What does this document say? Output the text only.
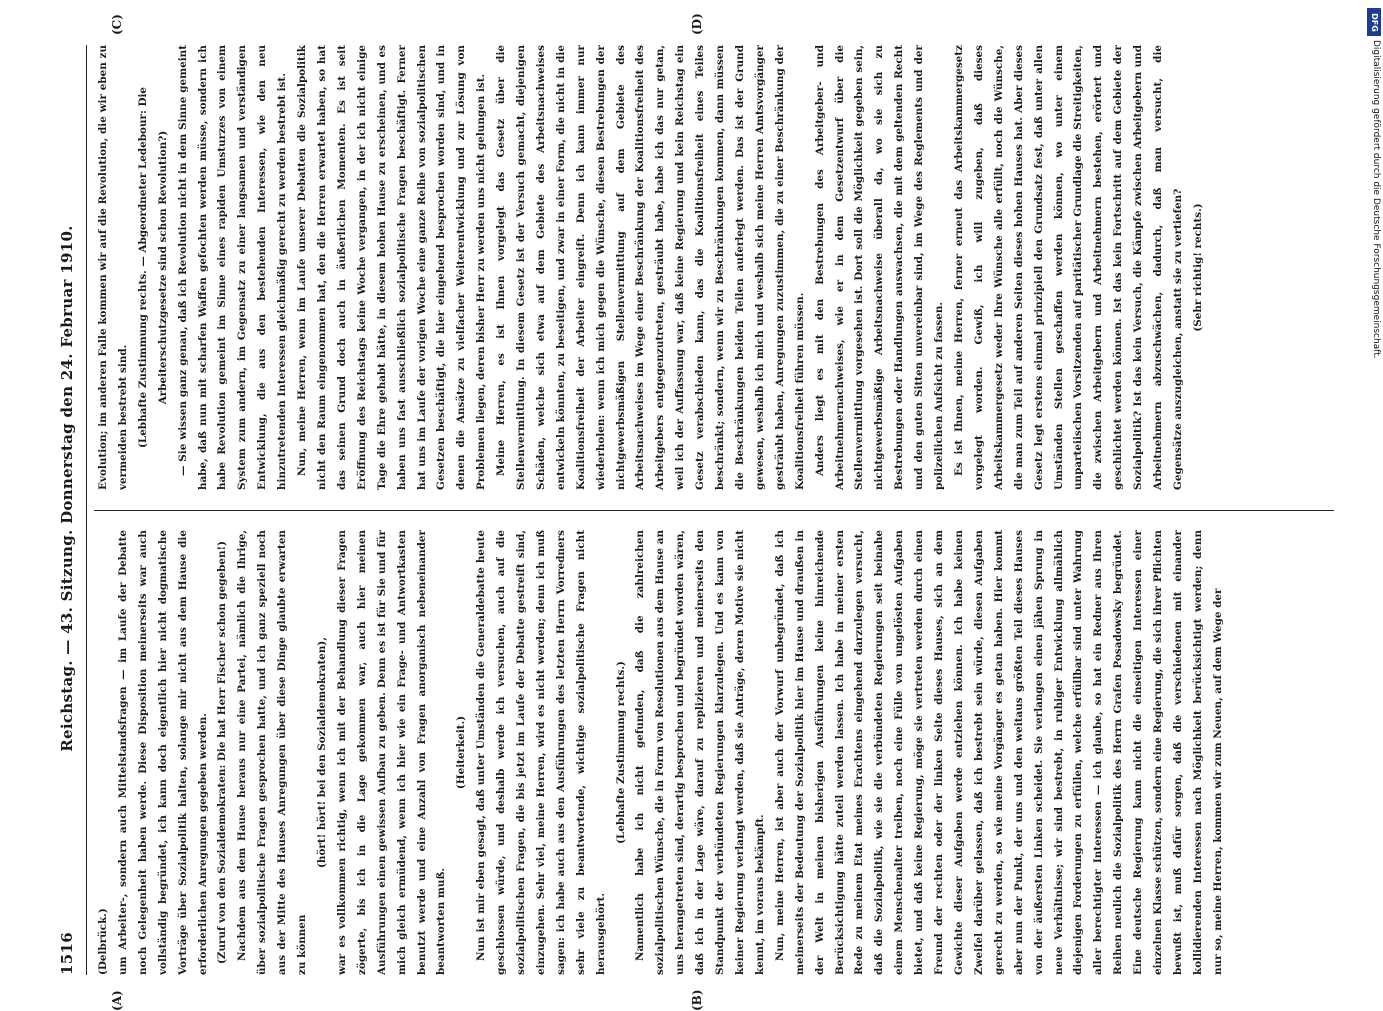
1516
Reichstag. — 43. Sitzung. Donnerstag den 24. Februar 1910.
(A)	(B)
(C)	(D)

(Delbrück.) um Arbeiter-, sondern auch Mittelstandsfragen — im Laufe der Debatte noch Gelegenheit haben werde. Diese Disposition meinerseits war auch vollständig begründet, ich kann doch eigentlich hier nicht dogmatische Vorträge über Sozialpolitik halten, solange mir nicht aus dem Hause die erforderlichen Anregungen gegeben werden. (Zuruf von den Sozialdemokraten: Die hat Herr Fischer schon gegeben!) Nachdem aus dem Hause heraus nur eine Partei, nämlich die Ihrige, über sozialpolitische Fragen gesprochen hatte, und ich ganz speziell noch aus der Mitte des Hauses Anregungen über diese Dinge glaubte erwarten zu können

(hört! hört! bei den Sozialdemokraten), war es vollkommen richtig, wenn ich mit der Behandlung dieser Fragen zögerte, bis ich in die Lage gekommen war, auch hier meinen Ausführungen einen gewissen Aufbau zu geben. Denn es ist für Sie und für mich gleich ermüdend, wenn ich hier wie ein Frage- und Antwortkasten benutzt werde und eine Anzahl von Fragen anorganisch nebeneinander beantworten muß.

(Heiterkeit.) Nun ist mir eben gesagt, daß unter Umständen die Generaldebatte heute geschlossen würde, und deshalb werde ich versuchen, auch auf die sozialpolitischen Fragen, die bis jetzt im Laufe der Debatte gestreift sind, einzugehen. Sehr viel, meine Herren, wird es nicht werden; denn ich muß sagen: ich habe auch aus den Ausführungen des letzten Herrn Vorredners sehr viele zu beantwortende, wichtige sozialpolitische Fragen nicht herausgehört.

(Lebhafte Zustimmung rechts.) Namentlich habe ich nicht gefunden, daß die zahlreichen sozialpolitischen Wünsche, die in Form von Resolutionen aus dem Hause an uns herangetreten sind, derartig besprochen und begründet worden wären, daß ich in der Lage wäre, darauf zu replizieren und meinerseits den Standpunkt der verbündeten Regierungen klarzulegen. Und es kann von keiner Regierung verlangt werden, daß sie Anträge, deren Motive sie nicht kennt, im voraus bekämpft. Nun, meine Herren, ist aber auch der Vorwurf unbegründet, daß ich meinerseits der Bedeutung der Sozialpolitik hier im Hause und draußen in der Welt in meinen bisherigen Ausführungen keine hinreichende Berücksichtigung hätte zuteil werden lassen. Ich habe in meiner ersten Rede zu meinem Etat meines Erachtens eingehend darzulegen versucht, daß die Sozialpolitik, wie sie die verbündeten Regierungen seit beinahe einem Menschenalter treiben, noch eine Fülle von ungelösten Aufgaben bietet, und daß keine Regierung, möge sie vertreten werden durch einen Freund der rechten oder der linken Seite dieses Hauses, sich an dem Gewichte dieser Aufgaben werde entziehen können. Ich habe keinen Zweifel darüber gelassen, daß ich bestrebt sein würde, diesen Aufgaben gerecht zu werden, so wie meine Vorgänger es getan haben. Hier kommt aber nun der Punkt, der uns und den weitaus größten Teil dieses Hauses von der äußersten Linken scheidet. Sie verlangen einen jähen Sprung in neue Verhältnisse; wir sind bestrebt, in ruhiger Entwicklung allmählich diejenigen Forderungen zu erfüllen, welche erfüllbar sind unter Wahrung aller berechtigter Interessen — ich glaube, so hat ein Redner aus Ihren Reihen neulich die Sozialpolitik des Herrn Grafen Posadowsky begründet. Eine deutsche Regierung kann nicht die einseitigen Interessen einer einzelnen Klasse schützen, sondern eine Regierung, die sich ihrer Pflichten bewußt ist, muß dafür sorgen, daß die verschiedenen mit einander kollidierenden Interessen nach Möglichkeit berücksichtigt werden; denn nur so, meine Herren, kommen wir zum Neuen, auf dem Wege der

Evolution; im anderen Falle kommen wir auf die Revolution, die wir eben zu vermeiden bestrebt sind. (Lebhafte Zustimmung rechts. — Abgeordneter Ledebour: Die Arbeiterschutzgesetze sind schon Revolution?) — Sie wissen ganz genau, daß ich Revolution nicht in dem Sinne gemeint habe, daß nun mit scharfen Waffen gefochten werden müsse, sondern ich habe Revolution gemeint im Sinne eines rapiden Umsturzes von einem System zum andern, im Gegensatz zu einer langsamen und verständigen Entwicklung, die aus den bestehenden Interessen, wie den neu hinzutretenden Interessen gleichmäßig gerecht zu werden bestrebt ist. Nun, meine Herren, wenn im Laufe unserer Debatten die Sozialpolitik nicht den Raum eingenommen hat, den die Herren erwartet haben, so hat das seinen Grund doch auch in äußerlichen Momenten. Es ist seit Eröffnung des Reichstags keine Woche vergangen, in der ich nicht einige Tage die Ehre gehabt hätte, in diesem hohen Hause zu erscheinen, und es haben uns fast ausschließlich sozialpolitische Fragen beschäftigt. Ferner hat uns im Laufe der vorigen Woche eine ganze Reihe von sozialpolitischen Gesetzen beschäftigt, die hier eingehend besprochen worden sind, und in denen die Ansätze zu vielfacher Weiterentwicklung und zur Lösung von Problemen liegen, deren bisher Herr zu werden uns nicht gelungen ist. Meine Herren, es ist Ihnen vorgelegt das Gesetz über die Stellenvermittlung. In diesem Gesetz ist der Versuch gemacht, diejenigen Schäden, welche sich etwa auf dem Gebiete des Arbeitsnachweises entwickeln könnten, zu beseitigen, und zwar in einer Form, die nicht in die Koalitionsfreiheit der Arbeiter eingreift. Denn ich kann immer nur wiederholen: wenn ich mich gegen die Wünsche, diesen Bestrebungen der nichtgewerbsmäßigen Stellenvermittlung auf dem Gebiete des Arbeitsnachweises im Wege einer Beschränkung der Koalitionsfreiheit des Arbeitgebers entgegenzutreten, gesträubt habe, habe ich das nur getan, weil ich der Auffassung war, daß keine Regierung und kein Reichstag ein Gesetz verabschieden kann, das die Koalitionsfreiheit eines Teiles beschränkt; sondern, wenn wir zu Beschränkungen kommen, dann müssen die Beschränkungen beiden Teilen auferlegt werden. Das ist der Grund gewesen, weshalb ich mich und weshalb sich meine Herren Amtsvorgänger gesträubt haben, Anregungen zuzustimmen, die zu einer Beschränkung der Koalitionsfreiheit führen müssen. Anders liegt es mit den Bestrebungen des Arbeitgeber- und Arbeitnehmernachweises, wie er in dem Gesetzentwurf über die Stellenvermittlung vorgesehen ist. Dort soll die Möglichkeit gegeben sein, nichtgewerbsmäßige Arbeitsnachweise überall da, wo sie sich zu Bestrebungen oder Handlungen auswachsen, die mit dem geltenden Recht und den guten Sitten unvereinbar sind, im Wege des Reglements und der polizeilichen Aufsicht zu fassen. Es ist Ihnen, meine Herren, ferner erneut das Arbeitskammergesetz vorgelegt worden. Gewiß, ich will zugeben, daß dieses Arbeitskammergesetz weder Ihre Wünsche alle erfüllt, noch die Wünsche, die man zum Teil auf anderen Seiten dieses hohen Hauses hat. Aber dieses Gesetz legt erstens einmal prinzipiell den Grundsatz fest, daß unter allen Umständen Stellen geschaffen werden können, wo unter einem unparteiischen Vorsitzenden auf paritätischer Grundlage die Streitigkeiten, die zwischen Arbeitgebern und Arbeitnehmern bestehen, erörtert und geschlichtet werden können. Ist das kein Fortschritt auf dem Gebiete der Sozialpolitik? Ist das kein Versuch, die Kämpfe zwischen Arbeitgebern und Arbeitnehmern abzuschwächen, dadurch, daß man versucht, die Gegensätze auszugleichen, anstatt sie zu vertiefen? (Sehr richtig! rechts.)

DFG
Digitalisierung gefördert durch die Deutsche Forschungsgemeinschaft.
